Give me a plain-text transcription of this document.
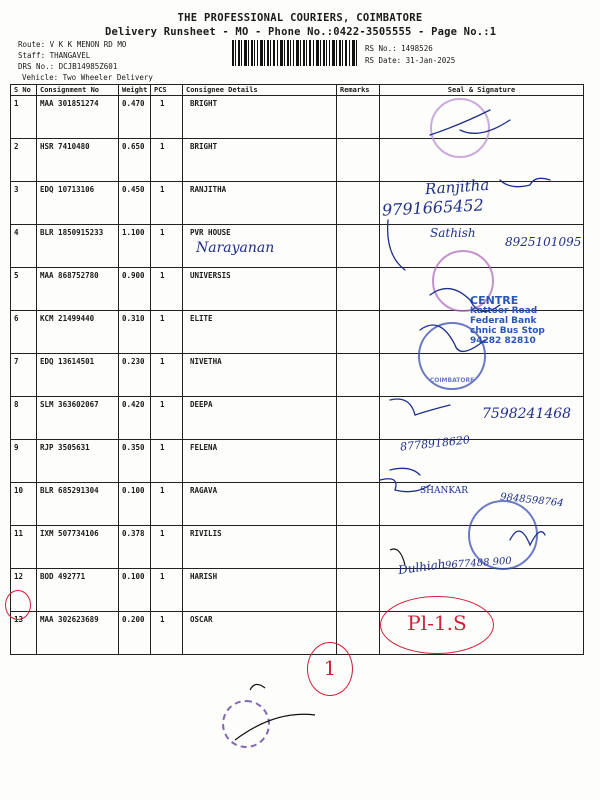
THE PROFESSIONAL COURIERS, COIMBATORE
Delivery Runsheet - MO - Phone No.:0422-3505555 - Page No.:1
Route: V K K MENON RD MO
Staff: THANGAVEL
DRS No.: DCJB14985Z601
Vehicle: Two Wheeler Delivery
RS No.: 1498526
RS Date: 31-Jan-2025
S No	Consignment No	Weight	PCS	Consignee Details	Remarks	Seal & Signature
1	MAA 301851274	0.470	1	BRIGHT		
2	HSR 7410480	0.650	1	BRIGHT		
3	EDQ 10713106	0.450	1	RANJITHA		
4	BLR 1850915233	1.100	1	PVR HOUSE		
5	MAA 868752780	0.900	1	UNIVERSIS		
6	KCM 21499440	0.310	1	ELITE		
7	EDQ 13614501	0.230	1	NIVETHA		
8	SLM 363602067	0.420	1	DEEPA		
9	RJP 3505631	0.350	1	FELENA		
10	BLR 685291304	0.100	1	RAGAVA		
11	IXM 507734106	0.378	1	RIVILIS		
12	BOD 492771	0.100	1	HARISH		
13	MAA 302623689	0.200	1	OSCAR		
Narayanan
Ranjitha
9791665452
Sathish
8925101095
7598241468
8778918620
SHANKAR
9848598764
Dulhiah
9677488 900
Pl-1.S
1
COIMBATORE
CENTRE
Kattoor Road
Federal Bank
chnic Bus Stop
94282 82810
